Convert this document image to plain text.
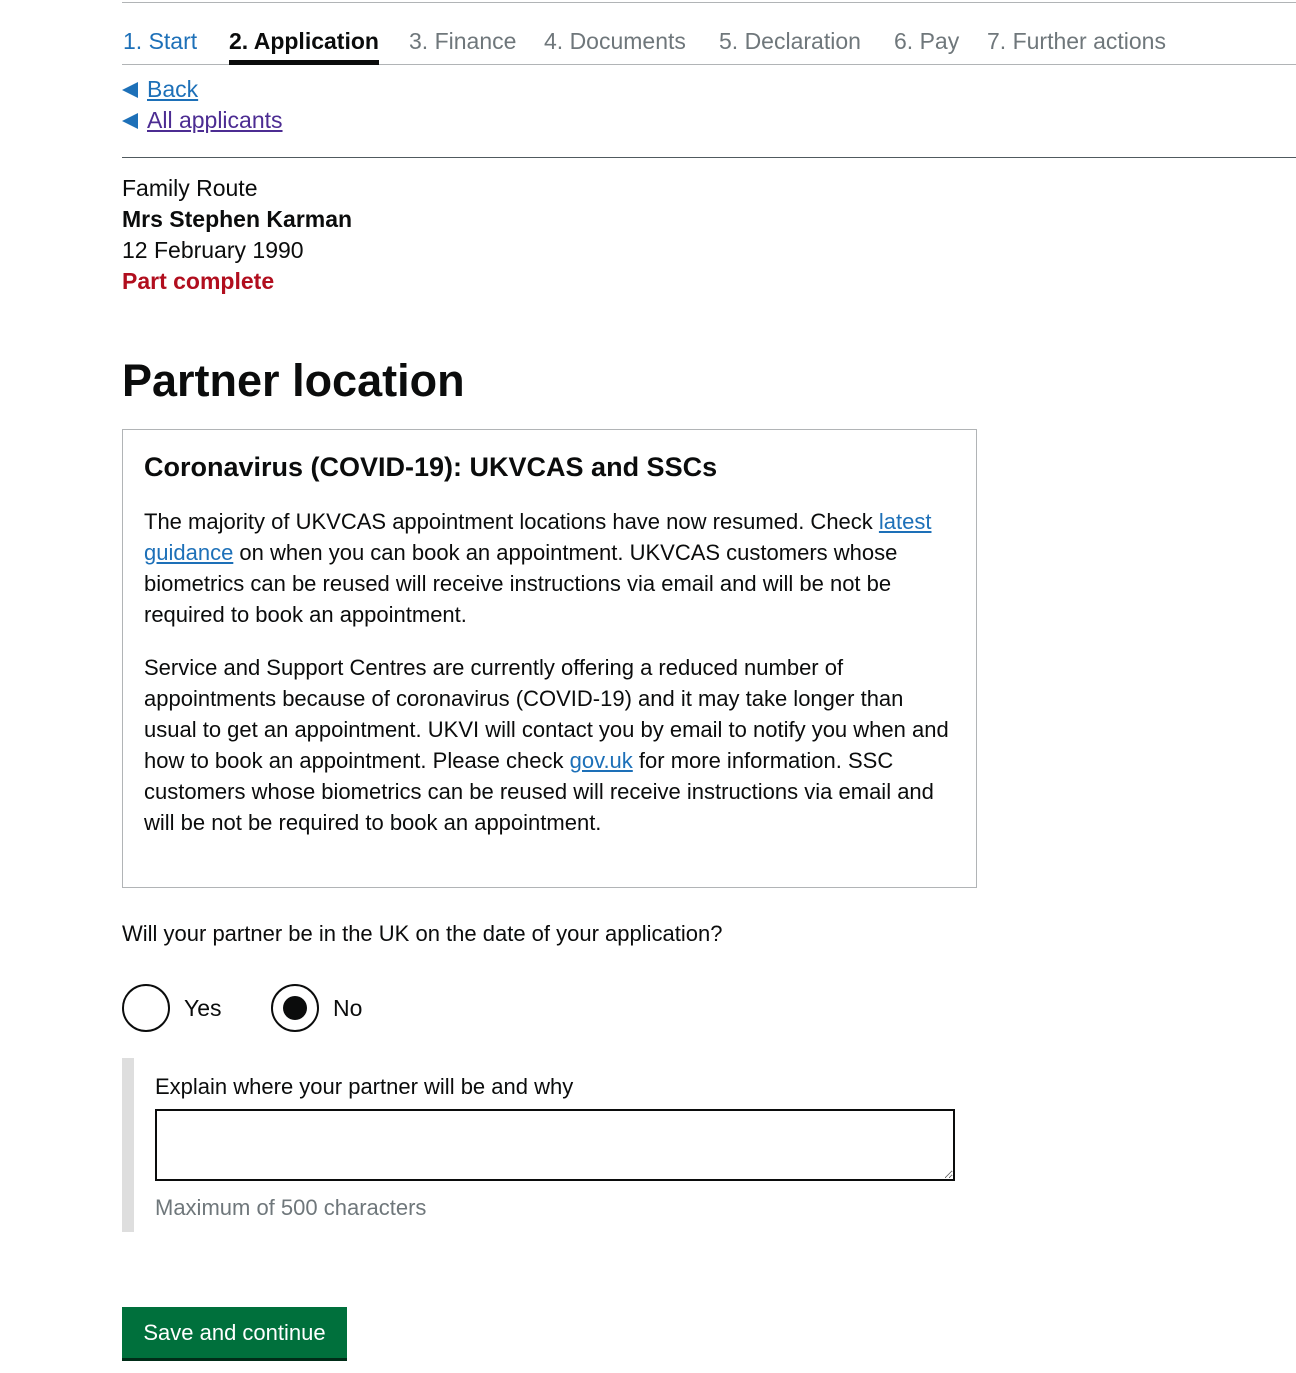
1. Start 2. Application 3. Finance 4. Documents 5. Declaration 6. Pay 7. Further actions
Back
All applicants
Family Route
Mrs Stephen Karman
12 February 1990
Part complete
Partner location
Coronavirus (COVID-19): UKVCAS and SSCs

The majority of UKVCAS appointment locations have now resumed. Check latest guidance on when you can book an appointment. UKVCAS customers whose biometrics can be reused will receive instructions via email and will be not be required to book an appointment.

Service and Support Centres are currently offering a reduced number of appointments because of coronavirus (COVID-19) and it may take longer than usual to get an appointment. UKVI will contact you by email to notify you when and how to book an appointment. Please check gov.uk for more information. SSC customers whose biometrics can be reused will receive instructions via email and will be not be required to book an appointment.

Will your partner be in the UK on the date of your application?
Yes	No
Explain where your partner will be and why
Maximum of 500 characters
Save and continue
